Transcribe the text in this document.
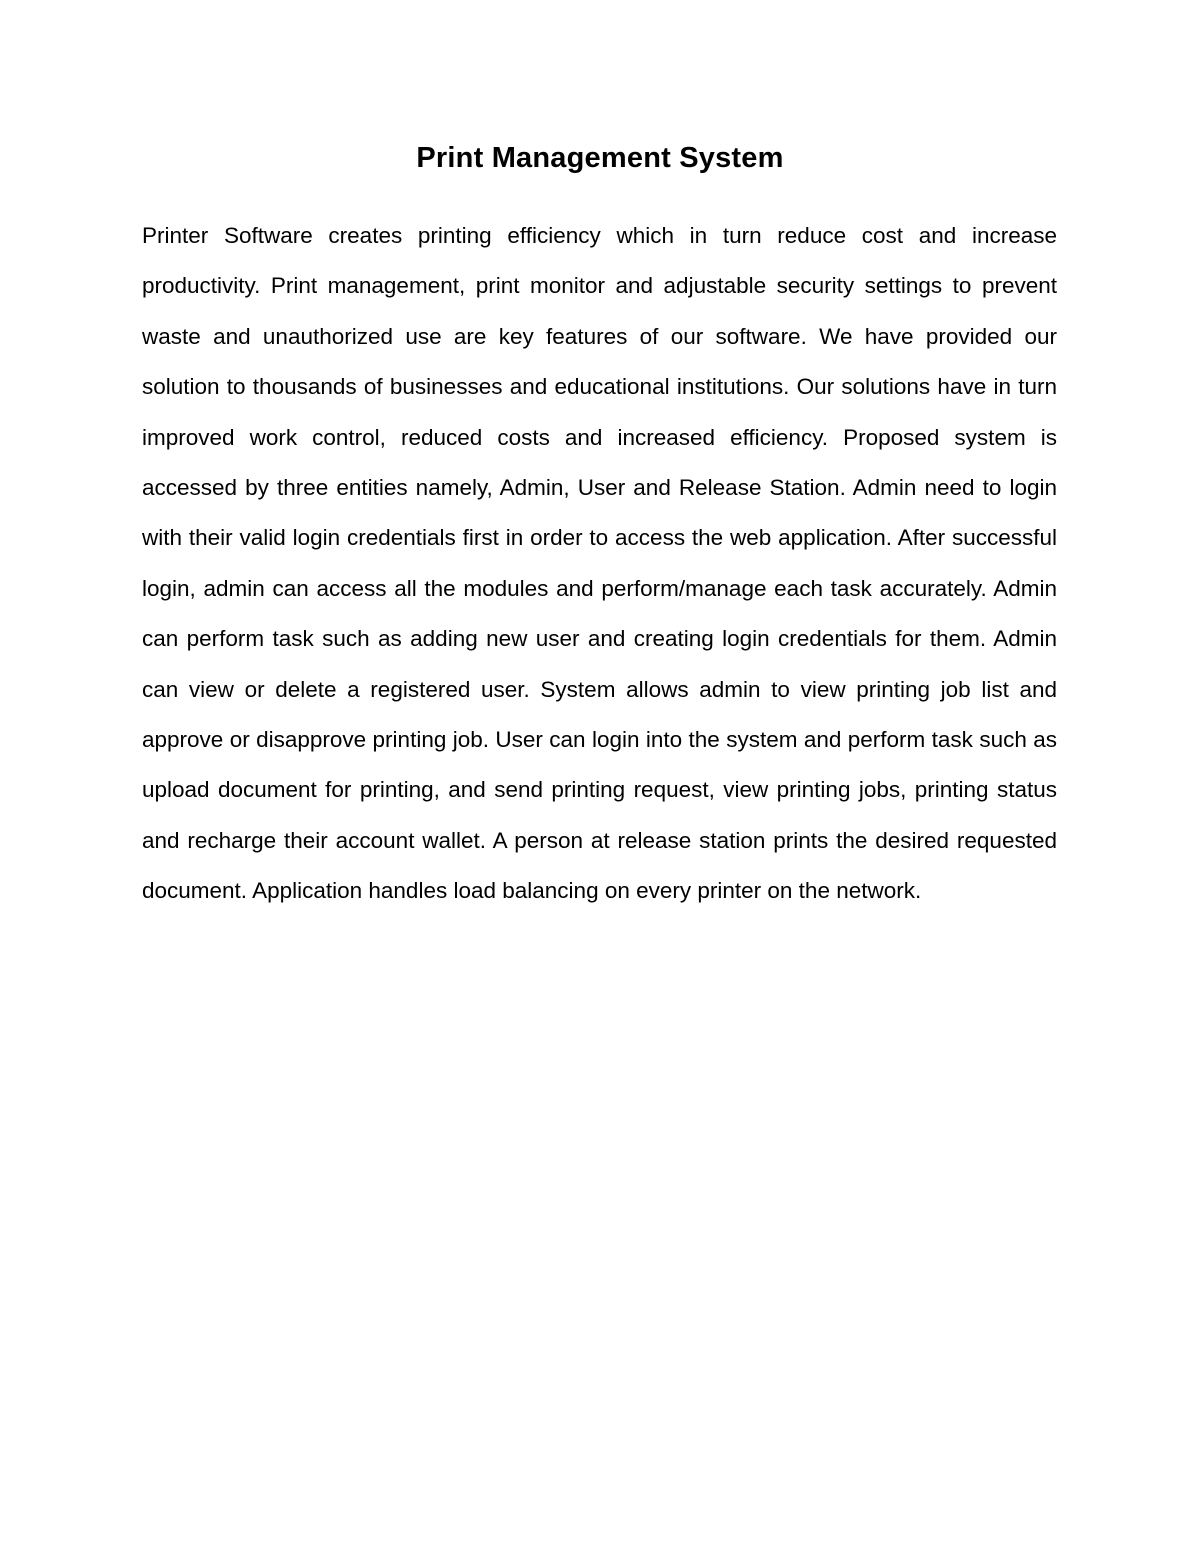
Print Management System

Printer Software creates printing efficiency which in turn reduce cost and increase productivity. Print management, print monitor and adjustable security settings to prevent waste and unauthorized use are key features of our software. We have provided our solution to thousands of businesses and educational institutions. Our solutions have in turn improved work control, reduced costs and increased efficiency. Proposed system is accessed by three entities namely, Admin, User and Release Station. Admin need to login with their valid login credentials first in order to access the web application. After successful login, admin can access all the modules and perform/manage each task accurately. Admin can perform task such as adding new user and creating login credentials for them. Admin can view or delete a registered user. System allows admin to view printing job list and approve or disapprove printing job. User can login into the system and perform task such as upload document for printing, and send printing request, view printing jobs, printing status and recharge their account wallet. A person at release station prints the desired requested document. Application handles load balancing on every printer on the network.
